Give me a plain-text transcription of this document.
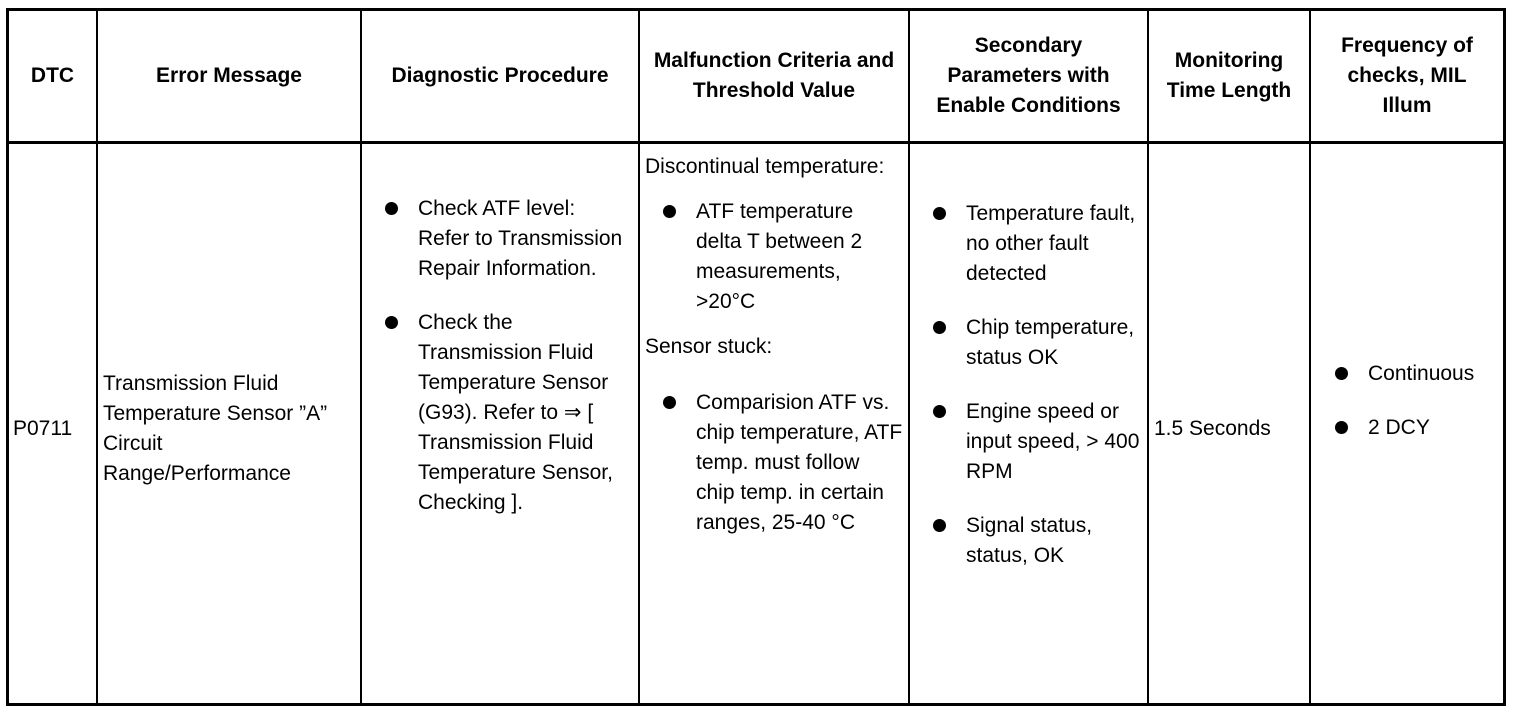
DTC	Error Message	Diagnostic Procedure
Malfunction Criteria and Threshold Value
Secondary Parameters with Enable Conditions
Monitoring Time Length
Frequency of checks, MIL Illum
P0711
Transmission Fluid Temperature Sensor ”A” Circuit Range/Performance
Check ATF level: Refer to Transmission Repair Information.
Check the Transmission Fluid Temperature Sensor (G93). Refer to ⇒ [ Transmission Fluid Temperature Sensor, Checking ].
Discontinual temperature:
ATF temperature delta T between 2 measurements, >20°C
Sensor stuck:
Comparision ATF vs. chip temperature, ATF temp. must follow chip temp. in certain ranges, 25-40 °C
Temperature fault, no other fault detected
Chip temperature, status OK
Engine speed or input speed, > 400 RPM
Signal status, status, OK
1.5 Seconds
Continuous
2 DCY
